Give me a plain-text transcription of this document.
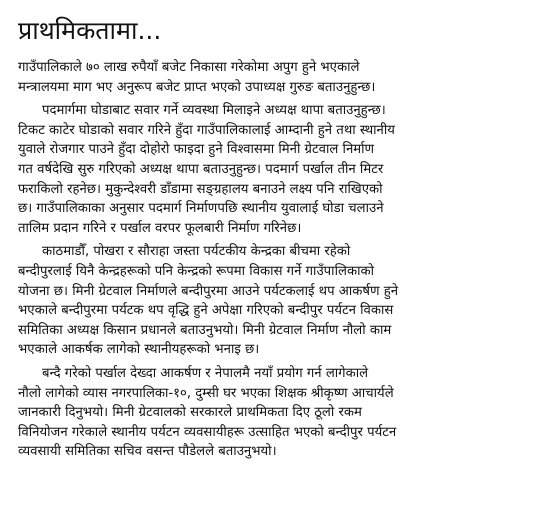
प्राथमिकतामा...

गाउँपालिकाले ७० लाख रुपैयाँ बजेट निकासा गरेकोमा अपुग हुने भएकाले
मन्त्रालयमा माग भए अनुरूप बजेट प्राप्त भएको उपाध्यक्ष गुरुङ बताउनुहुन्छ।

पदमार्गमा घोडाबाट सवार गर्ने व्यवस्था मिलाइने अध्यक्ष थापा बताउनुहुन्छ।
टिकट काटेर घोडाको सवार गरिने हुँदा गाउँपालिकालाई आम्दानी हुने तथा स्थानीय
युवाले रोजगार पाउने हुँदा दोहोरो फाइदा हुने विश्वासमा मिनी ग्रेटवाल निर्माण
गत वर्षदेखि सुरु गरिएको अध्यक्ष थापा बताउनुहुन्छ। पदमार्ग पर्खाल तीन मिटर
फराकिलो रहनेछ। मुकुन्देश्वरी डाँडामा सङ्ग्रहालय बनाउने लक्ष्य पनि राखिएको
छ। गाउँपालिकाका अनुसार पदमार्ग निर्माणपछि स्थानीय युवालाई घोडा चलाउने
तालिम प्रदान गरिने र पर्खाल वरपर फूलबारी निर्माण गरिनेछ।

काठमाडौँ, पोखरा र सौराहा जस्ता पर्यटकीय केन्द्रका बीचमा रहेको
बन्दीपुरलाई यिनै केन्द्रहरूको पनि केन्द्रको रूपमा विकास गर्ने गाउँपालिकाको
योजना छ। मिनी ग्रेटवाल निर्माणले बन्दीपुरमा आउने पर्यटकलाई थप आकर्षण हुने
भएकाले बन्दीपुरमा पर्यटक थप वृद्धि हुने अपेक्षा गरिएको बन्दीपुर पर्यटन विकास
समितिका अध्यक्ष किसान प्रधानले बताउनुभयो। मिनी ग्रेटवाल निर्माण नौलो काम
भएकाले आकर्षक लागेको स्थानीयहरूको भनाइ छ।

बन्दै गरेको पर्खाल देख्दा आकर्षण र नेपालमै नयाँ प्रयोग गर्न लागेकाले
नौलो लागेको व्यास नगरपालिका-१०, दुम्सी घर भएका शिक्षक श्रीकृष्ण आचार्यले
जानकारी दिनुभयो। मिनी ग्रेटवालको सरकारले प्राथमिकता दिए ठूलो रकम
विनियोजन गरेकाले स्थानीय पर्यटन व्यवसायीहरू उत्साहित भएको बन्दीपुर पर्यटन
व्यवसायी समितिका सचिव वसन्त पौडेलले बताउनुभयो।
